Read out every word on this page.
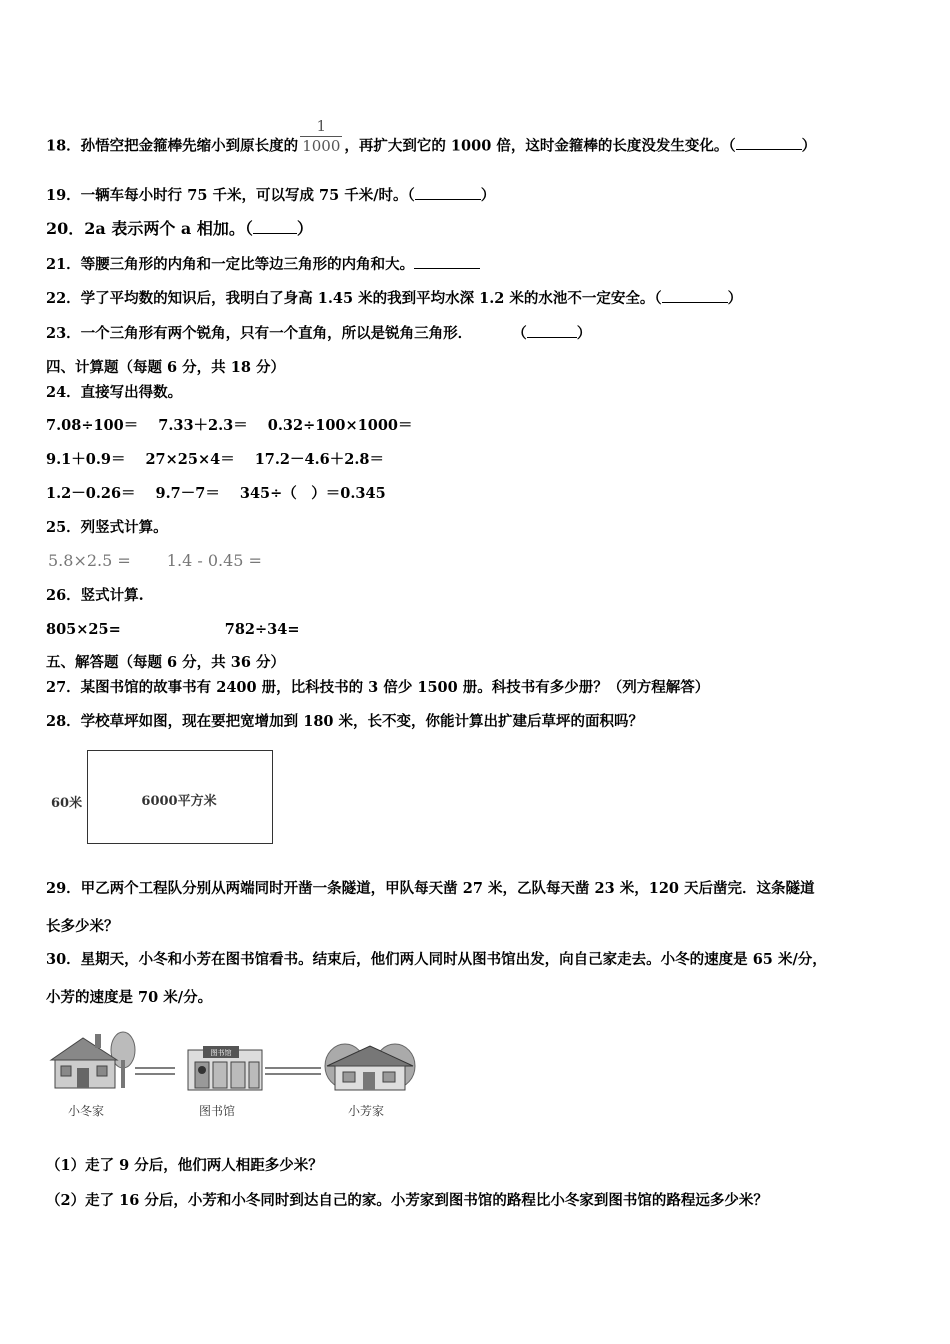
18．孙悟空把金箍棒先缩小到原长度的 $\frac{1}{1000}$ ，再扩大到它的 1000 倍，这时金箍棒的长度没发生变化。（	）
19．一辆车每小时行 75 千米，可以写成 75 千米/时。（	）
20．2a 表示两个 a 相加。（	）
21．等腰三角形的内角和一定比等边三角形的内角和大。
22．学了平均数的知识后，我明白了身高 1.45 米的我到平均水深 1.2 米的水池不一定安全。（	）
23．一个三角形有两个锐角，只有一个直角，所以是锐角三角形．	（	）
四、计算题（每题 6 分，共 18 分）
24．直接写出得数。
7.08÷100＝ 7.33＋2.3＝ 0.32÷100×1000＝
9.1＋0.9＝ 27×25×4＝ 17.2－4.6＋2.8＝
1.2－0.26＝ 9.7－7＝ 345÷（　）＝0.345
25．列竖式计算。
5.8×2.5 = 1.4 - 0.45 =
26．竖式计算.
805×25=	782÷34=
五、解答题（每题 6 分，共 36 分）
27．某图书馆的故事书有 2400 册，比科技书的 3 倍少 1500 册。科技书有多少册？（列方程解答）
28．学校草坪如图，现在要把宽增加到 180 米，长不变，你能计算出扩建后草坪的面积吗？
60米	6000平方米
29．甲乙两个工程队分别从两端同时开凿一条隧道，甲队每天凿 27 米，乙队每天凿 23 米，120 天后凿完．这条隧道
长多少米？
30．星期天，小冬和小芳在图书馆看书。结束后，他们两人同时从图书馆出发，向自己家走去。小冬的速度是 65 米/分，
小芳的速度是 70 米/分。
图书馆
小冬家	图书馆	小芳家
（1）走了 9 分后，他们两人相距多少米？
（2）走了 16 分后，小芳和小冬同时到达自己的家。小芳家到图书馆的路程比小冬家到图书馆的路程远多少米？
